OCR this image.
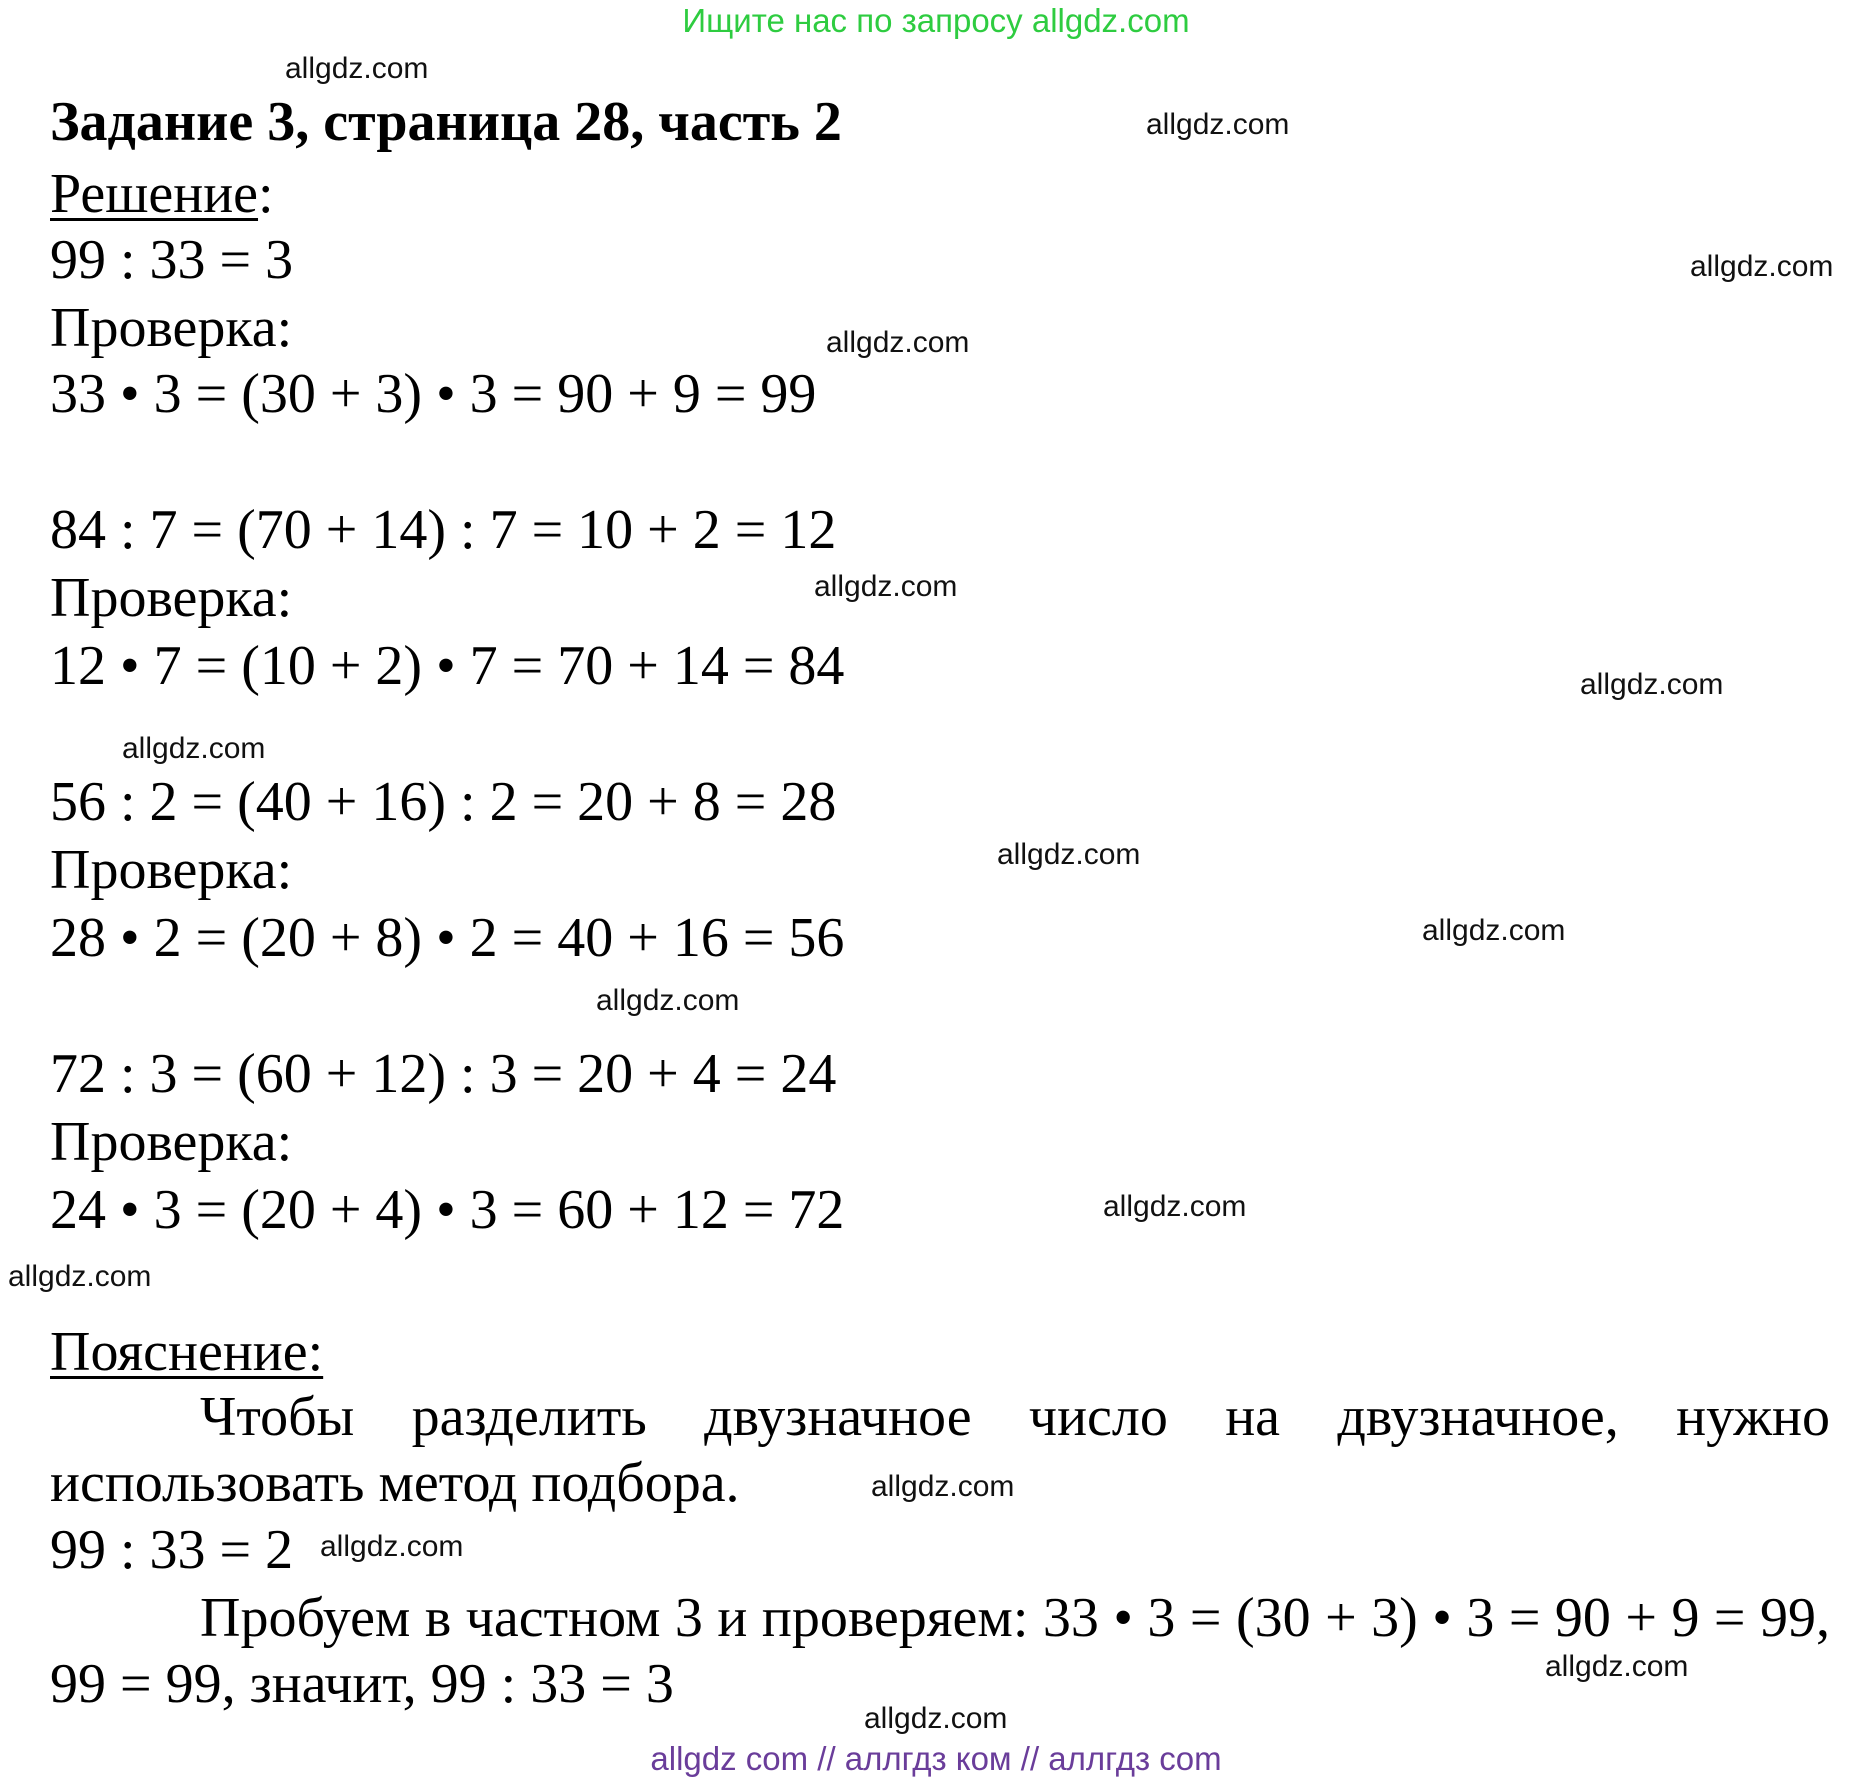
Ищите нас по запросу allgdz.com
Задание 3, страница 28, часть 2
Решение:
99 : 33 = 3
Проверка:
33 • 3 = (30 + 3) • 3 = 90 + 9 = 99
84 : 7 = (70 + 14) : 7 = 10 + 2 = 12
Проверка:
12 • 7 = (10 + 2) • 7 = 70 + 14 = 84
56 : 2 = (40 + 16) : 2 = 20 + 8 = 28
Проверка:
28 • 2 = (20 + 8) • 2 = 40 + 16 = 56
72 : 3 = (60 + 12) : 3 = 20 + 4 = 24
Проверка:
24 • 3 = (20 + 4) • 3 = 60 + 12 = 72
Пояснение:
Чтобы разделить двузначное число на двузначное, нужно использовать метод подбора.
99 : 33 = 2
Пробуем в частном 3 и проверяем: 33 • 3 = (30 + 3) • 3 = 90 + 9 = 99, 99 = 99, значит, 99 : 33 = 3
allgdz.com
allgdz.com
allgdz.com
allgdz.com
allgdz.com
allgdz.com
allgdz.com
allgdz.com
allgdz.com
allgdz.com
allgdz.com
allgdz.com
allgdz.com
allgdz.com
allgdz.com
allgdz.com
allgdz com // аллгдз ком // аллгдз com
